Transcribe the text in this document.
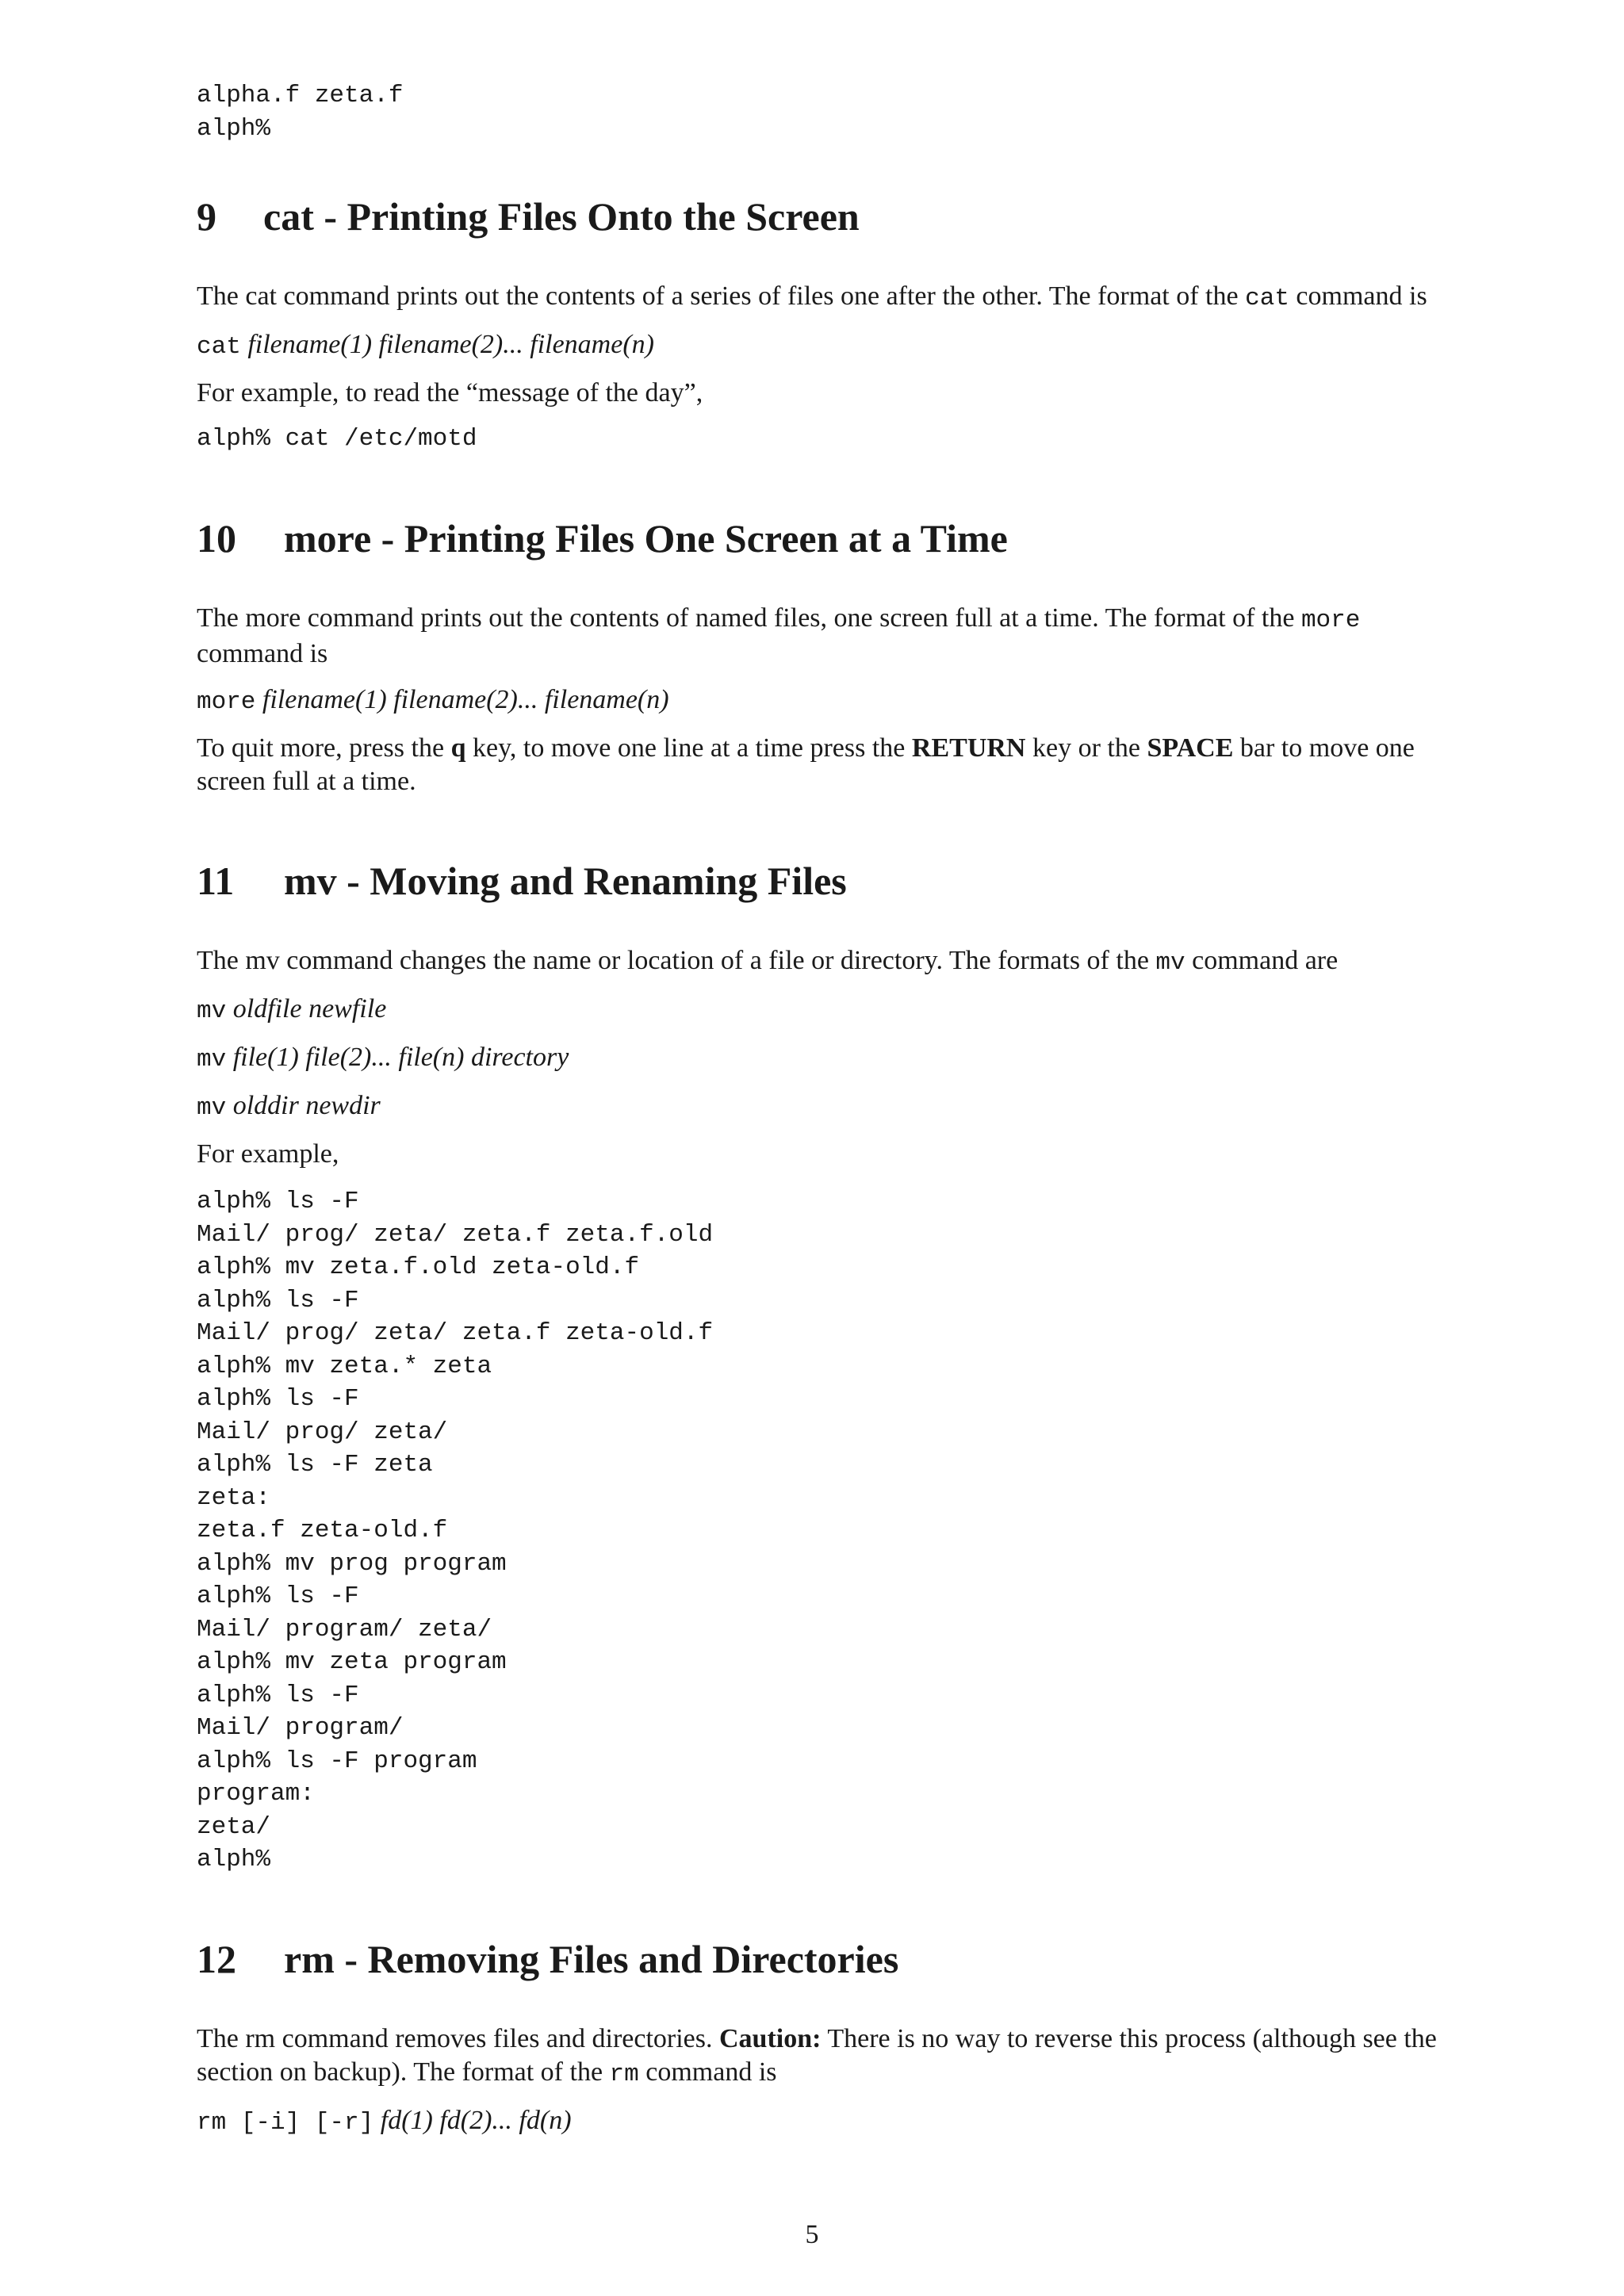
alpha.f zeta.f
alph%
9 cat - Printing Files Onto the Screen

The cat command prints out the contents of a series of files one after the other. The format of the cat command is

cat filename(1) filename(2)... filename(n)

For example, to read the “message of the day”,

alph% cat /etc/motd

10 more - Printing Files One Screen at a Time

The more command prints out the contents of named files, one screen full at a time. The format of the more command is

more filename(1) filename(2)... filename(n)

To quit more, press the q key, to move one line at a time press the RETURN key or the SPACE bar to move one screen full at a time.

11 mv - Moving and Renaming Files

The mv command changes the name or location of a file or directory. The formats of the mv command are

mv oldfile newfile

mv file(1) file(2)... file(n) directory

mv olddir newdir

For example,

alph% ls -F
Mail/ prog/ zeta/ zeta.f zeta.f.old
alph% mv zeta.f.old zeta-old.f
alph% ls -F
Mail/ prog/ zeta/ zeta.f zeta-old.f
alph% mv zeta.* zeta
alph% ls -F
Mail/ prog/ zeta/
alph% ls -F zeta
zeta:
zeta.f zeta-old.f
alph% mv prog program
alph% ls -F
Mail/ program/ zeta/
alph% mv zeta program
alph% ls -F
Mail/ program/
alph% ls -F program
program:
zeta/
alph%
12 rm - Removing Files and Directories

The rm command removes files and directories. Caution: There is no way to reverse this process (although see the section on backup). The format of the rm command is

rm [-i] [-r] fd(1) fd(2)... fd(n)

5
